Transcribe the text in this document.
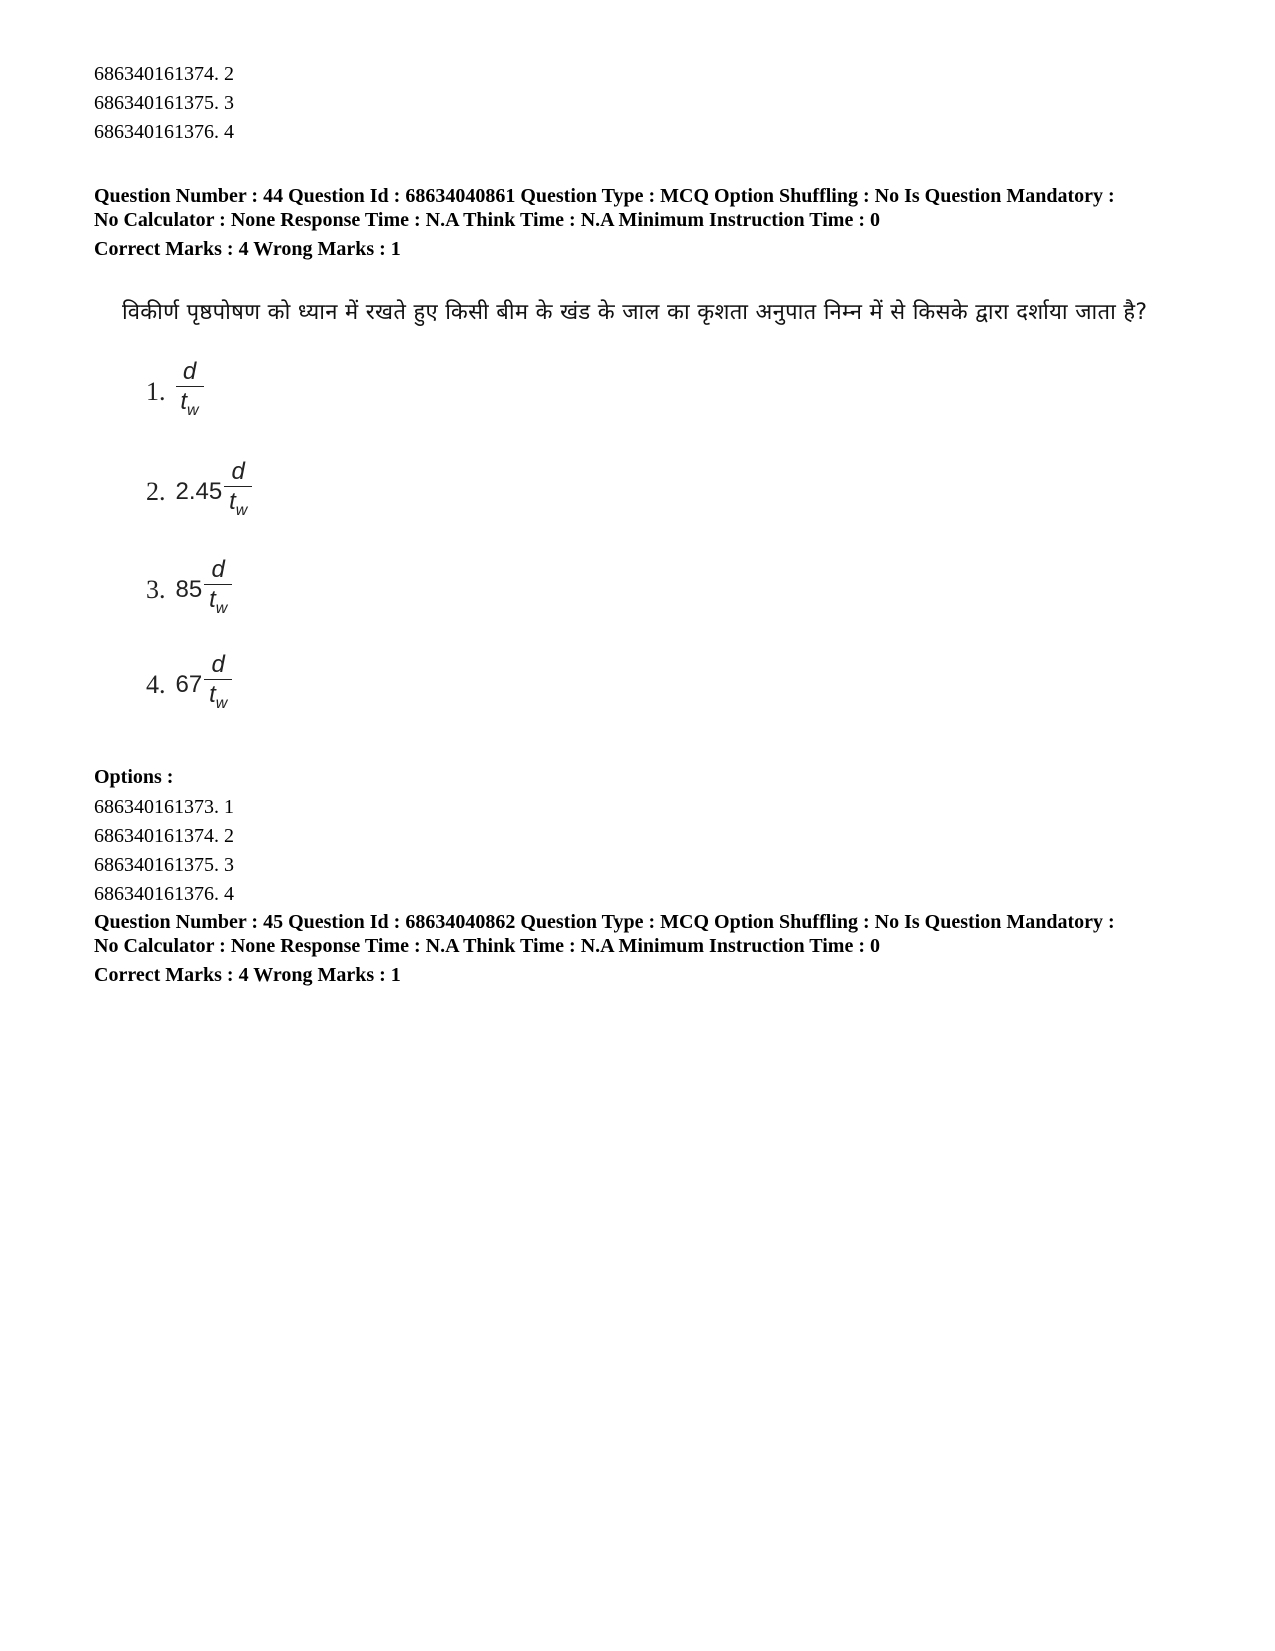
686340161374. 2
686340161375. 3
686340161376. 4
Question Number : 44 Question Id : 68634040861 Question Type : MCQ Option Shuffling : No Is Question Mandatory :
No Calculator : None Response Time : N.A Think Time : N.A Minimum Instruction Time : 0
Correct Marks : 4 Wrong Marks : 1
विकीर्ण पृष्ठपोषण को ध्यान में रखते हुए किसी बीम के खंड के जाल का कृशता अनुपात निम्न में से किसके द्वारा दर्शाया जाता है?
1. $\frac{d}{t_w}$
2. $2.45 \frac{d}{t_w}$
3. $85 \frac{d}{t_w}$
4. $67 \frac{d}{t_w}$
Options :
686340161373. 1
686340161374. 2
686340161375. 3
686340161376. 4
Question Number : 45 Question Id : 68634040862 Question Type : MCQ Option Shuffling : No Is Question Mandatory :
No Calculator : None Response Time : N.A Think Time : N.A Minimum Instruction Time : 0
Correct Marks : 4 Wrong Marks : 1
